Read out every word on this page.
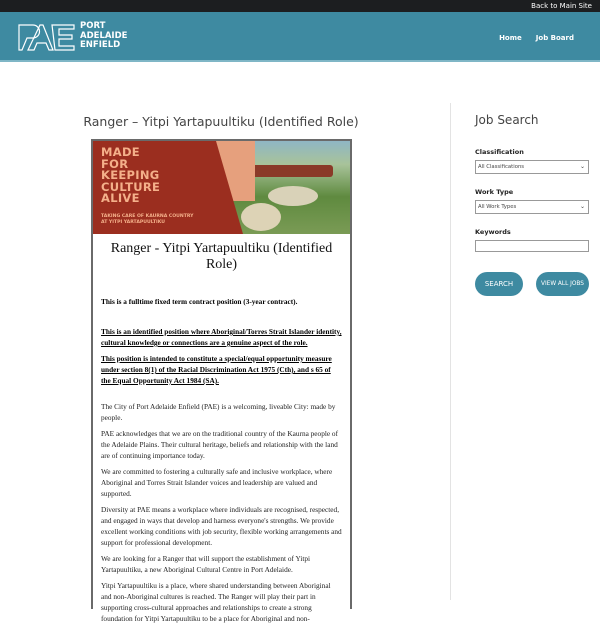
Back to Main Site
PORT
ADELAIDE
ENFIELD
Home Job Board
Ranger – Yitpi Yartapuultiku (Identified Role)
MADE
FOR
KEEPING
CULTURE
ALIVE
TAKING CARE OF KAURNA COUNTRY
AT YITPI YARTAPUULTIKU
Ranger - Yitpi Yartapuultiku (Identified Role)

This is a fulltime fixed term contract position (3-year contract).

This is an identified position where Aboriginal/Torres Strait Islander identity, cultural knowledge or connections are a genuine aspect of the role.

This position is intended to constitute a special/equal opportunity measure under section 8(1) of the Racial Discrimination Act 1975 (Cth), and s 65 of the Equal Opportunity Act 1984 (SA).

The City of Port Adelaide Enfield (PAE) is a welcoming, liveable City: made by people.

PAE acknowledges that we are on the traditional country of the Kaurna people of the Adelaide Plains. Their cultural heritage, beliefs and relationship with the land are of continuing importance today.

We are committed to fostering a culturally safe and inclusive workplace, where Aboriginal and Torres Strait Islander voices and leadership are valued and supported.

Diversity at PAE means a workplace where individuals are recognised, respected, and engaged in ways that develop and harness everyone's strengths. We provide excellent working conditions with job security, flexible working arrangements and support for professional development.

We are looking for a Ranger that will support the establishment of Yitpi Yartapuultiku, a new Aboriginal Cultural Centre in Port Adelaide.

Yitpi Yartapuultiku is a place, where shared understanding between Aboriginal and non-Aboriginal cultures is reached. The Ranger will play their part in supporting cross-cultural approaches and relationships to create a strong foundation for Yitpi Yartapuultiku to be a place for Aboriginal and non-

Job Search
Classification
All Classifications	⌄
Work Type
All Work Types	⌄
Keywords
SEARCH	VIEW ALL JOBS
